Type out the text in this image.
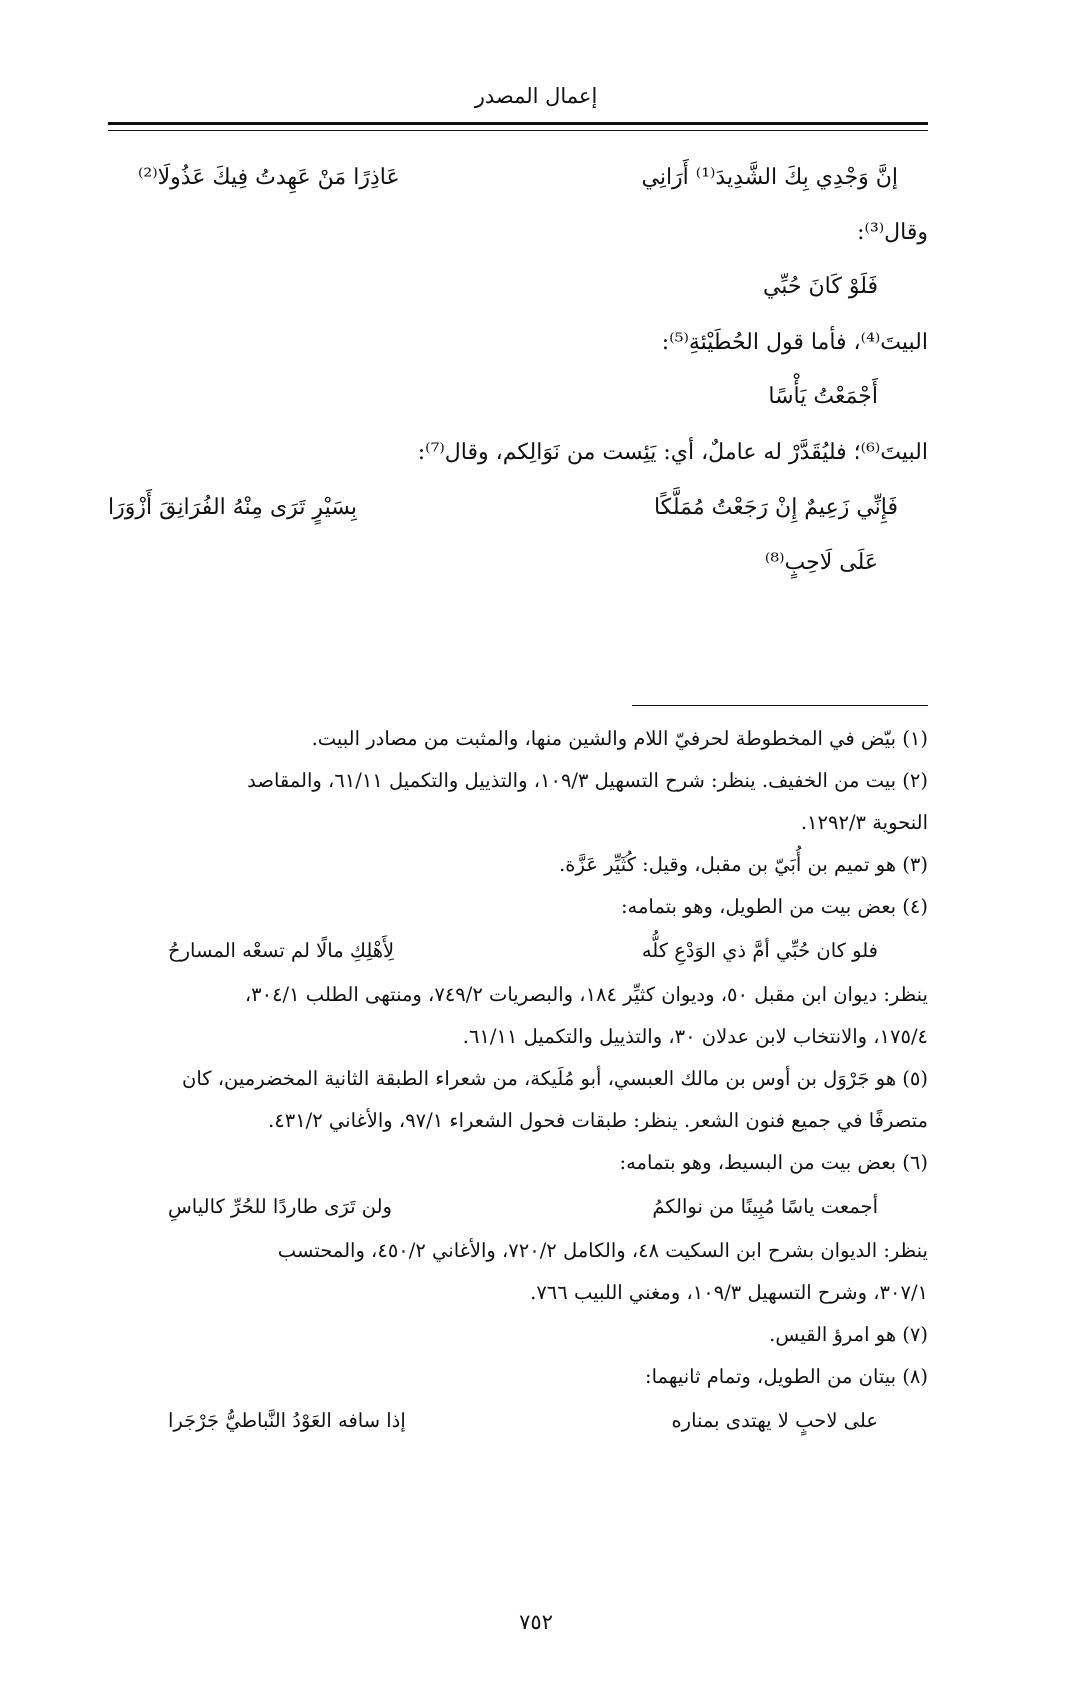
إعمال المصدر
إنَّ وَجْدِي بِكَ الشَّدِيدَ⁽¹⁾ أَرَانِي
عَاذِرًا مَنْ عَهِدتُ فِيكَ عَذُولَا⁽²⁾
وقال⁽³⁾:
فَلَوْ كَانَ حُبِّي
البيتَ⁽⁴⁾، فأما قول الحُطَيْئةِ⁽⁵⁾:
أَجْمَعْتُ يَأْسًا
البيتَ⁽⁶⁾؛ فليُقَدَّرْ له عاملٌ، أي: يَئِست من نَوَالِكم، وقال⁽⁷⁾:
فَإِنِّي زَعِيمٌ إِنْ رَجَعْتُ مُمَلَّكًا
بِسَيْرٍ تَرَى مِنْهُ الفُرَانِقَ أَزْوَرَا
عَلَى لَاحِبٍ⁽⁸⁾
(١) بيّض في المخطوطة لحرفيّ اللام والشين منها، والمثبت من مصادر البيت.
(٢) بيت من الخفيف. ينظر: شرح التسهيل ١٠٩/٣، والتذييل والتكميل ٦١/١١، والمقاصد
النحوية ١٢٩٢/٣.
(٣) هو تميم بن أُبَيّ بن مقبل، وقيل: كُثَيِّر عَزَّة.
(٤) بعض بيت من الطويل، وهو بتمامه:
فلو كان حُبِّي أمَّ ذي الوَدْعِ كلُّه
لِأَهْلِكِ مالًا لم تسعْه المسارحُ
ينظر: ديوان ابن مقبل ٥٠، وديوان كثيِّر ١٨٤، والبصريات ٧٤٩/٢، ومنتهى الطلب ٣٠٤/١،
١٧٥/٤، والانتخاب لابن عدلان ٣٠، والتذييل والتكميل ٦١/١١.
(٥) هو جَرْوَل بن أوس بن مالك العبسي، أبو مُلَيكة، من شعراء الطبقة الثانية المخضرمين، كان
متصرفًا في جميع فنون الشعر. ينظر: طبقات فحول الشعراء ٩٧/١، والأغاني ٤٣١/٢.
(٦) بعض بيت من البسيط، وهو بتمامه:
أجمعت ياسًا مُبِينًا من نوالكمُ
ولن تَرَى طاردًا للحُرِّ كالياسِ
ينظر: الديوان بشرح ابن السكيت ٤٨، والكامل ٧٢٠/٢، والأغاني ٤٥٠/٢، والمحتسب
٣٠٧/١، وشرح التسهيل ١٠٩/٣، ومغني اللبيب ٧٦٦.
(٧) هو امرؤ القيس.
(٨) بيتان من الطويل، وتمام ثانيهما:
على لاحبٍ لا يهتدى بمناره
إذا سافه العَوْدُ النَّباطيُّ جَرْجَرا
٧٥٢
